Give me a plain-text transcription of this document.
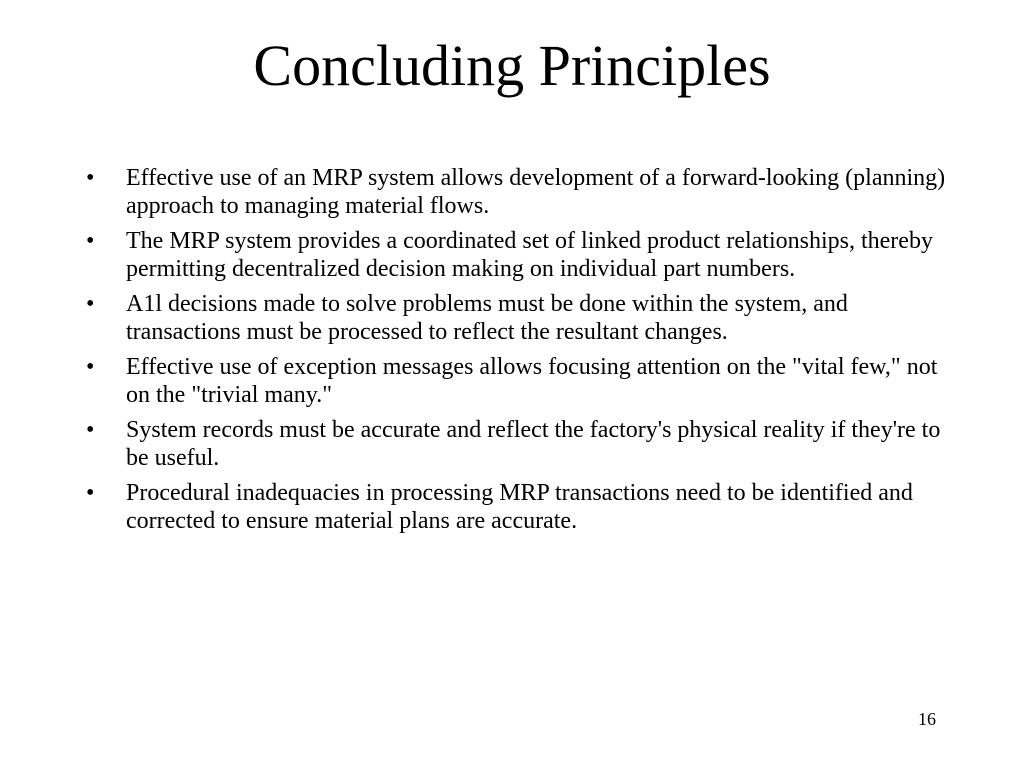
Concluding Principles
•	Effective use of an MRP system allows development of a forward-looking (planning) approach to managing material flows.
•	The MRP system provides a coordinated set of linked product relationships, thereby permitting decentralized decision making on individual part numbers.
•	A1l decisions made to solve problems must be done within the system, and transactions must be processed to reflect the resultant changes.
•	Effective use of exception messages allows focusing attention on the "vital few," not on the "trivial many."
•	System records must be accurate and reflect the factory's physical reality if they're to be useful.
•	Procedural inadequacies in processing MRP transactions need to be identified and corrected to ensure material plans are accurate.
16
